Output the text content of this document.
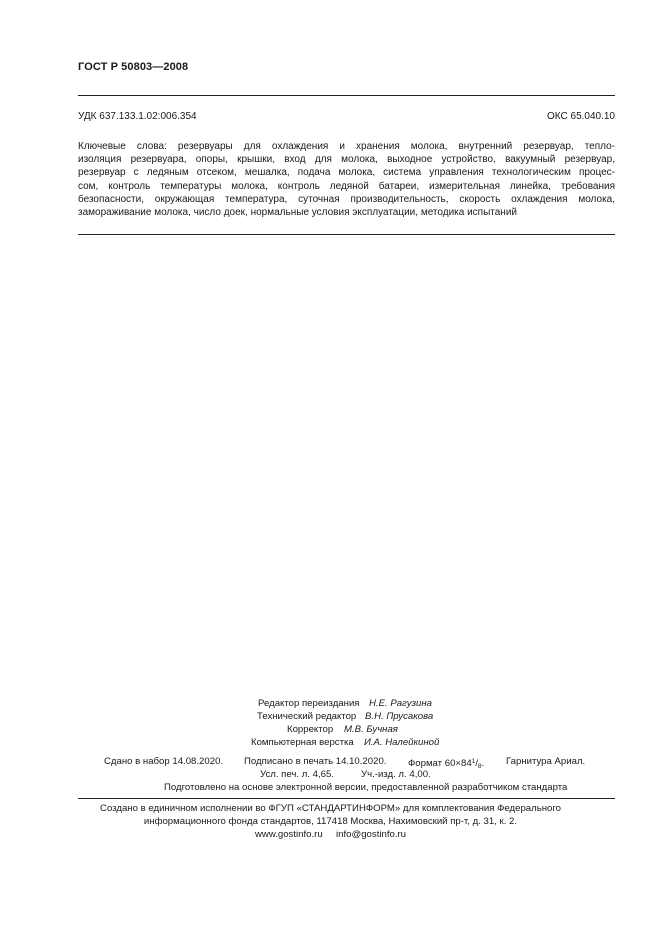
ГОСТ Р 50803—2008
УДК 637.133.1.02:006.354	ОКС 65.040.10
Ключевые слова: резервуары для охлаждения и хранения молока, внутренний резервуар, тепло-
изоляция резервуара, опоры, крышки, вход для молока, выходное устройство, вакуумный резервуар,
резервуар с ледяным отсеком, мешалка, подача молока, система управления технологическим процес-
сом, контроль температуры молока, контроль ледяной батареи, измерительная линейка, требования
безопасности, окружающая температура, суточная производительность, скорость охлаждения молока,
замораживание молока, число доек, нормальные условия эксплуатации, методика испытаний
Редактор переиздания Н.Е. Рагузина
Технический редактор В.Н. Прусакова
Корректор М.В. Бучная
Компьютерная верстка И.А. Налейкиной
Сдано в набор 14.08.2020. Подписано в печать 14.10.2020. Формат $60\times 84^1/_8$. Гарнитура Ариал.
Усл. печ. л. 4,65.	Уч.-изд. л. 4,00.
Подготовлено на основе электронной версии, предоставленной разработчиком стандарта
Создано в единичном исполнении во ФГУП «СТАНДАРТИНФОРМ» для комплектования Федерального
информационного фонда стандартов, 117418 Москва, Нахимовский пр-т, д. 31, к. 2.
www.gostinfo.ru info@gostinfo.ru
